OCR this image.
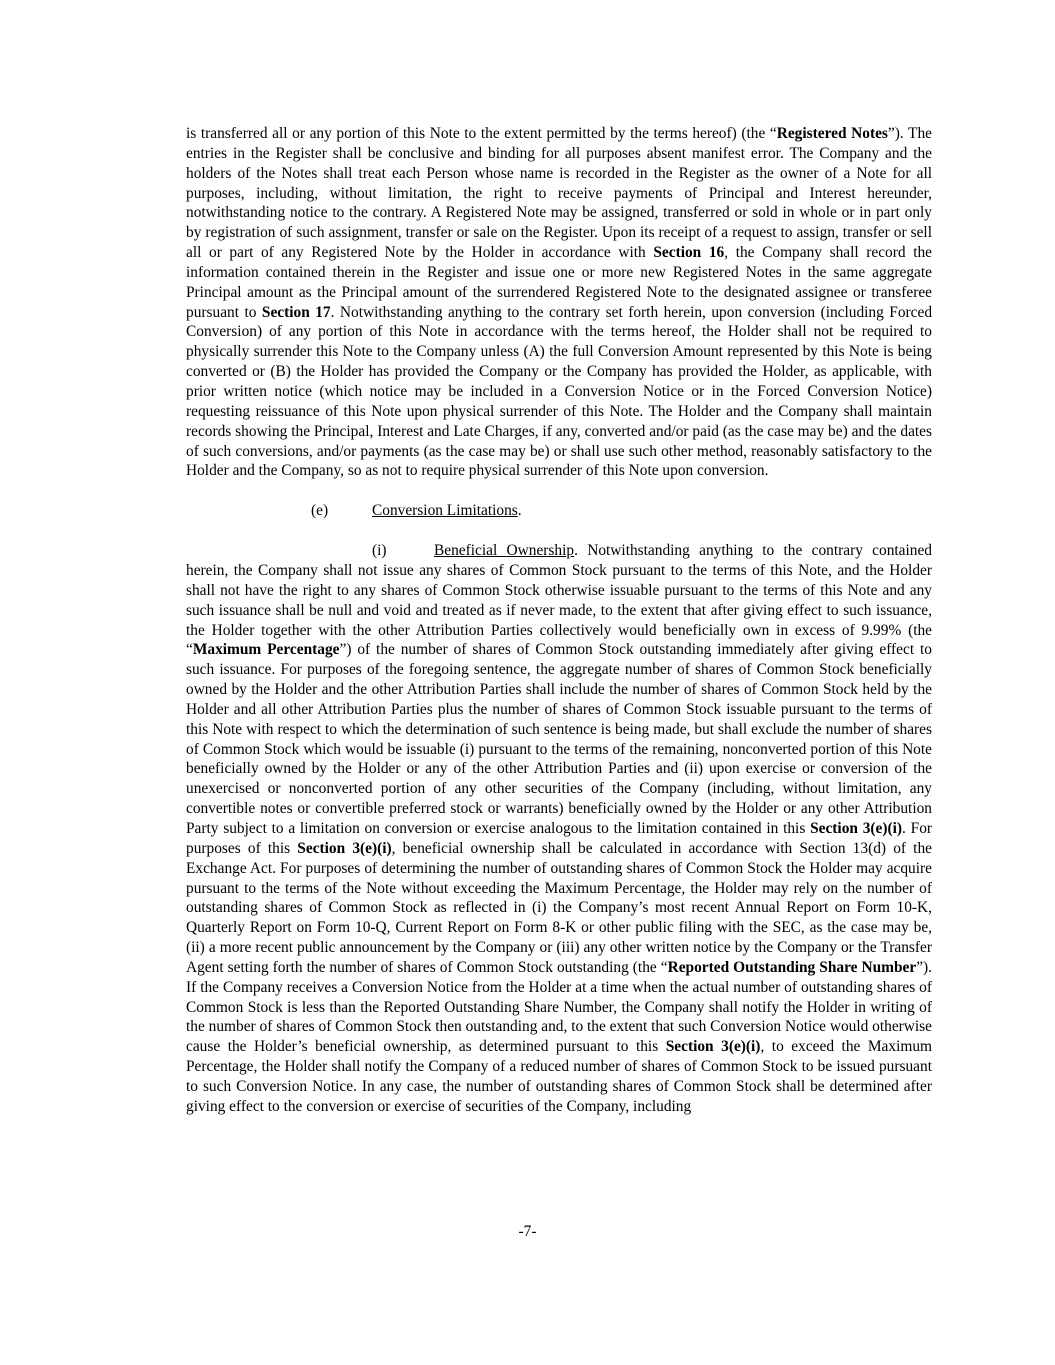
is transferred all or any portion of this Note to the extent permitted by the terms hereof) (the “Registered Notes”). The entries in the Register shall be conclusive and binding for all purposes absent manifest error. The Company and the holders of the Notes shall treat each Person whose name is recorded in the Register as the owner of a Note for all purposes, including, without limitation, the right to receive payments of Principal and Interest hereunder, notwithstanding notice to the contrary. A Registered Note may be assigned, transferred or sold in whole or in part only by registration of such assignment, transfer or sale on the Register. Upon its receipt of a request to assign, transfer or sell all or part of any Registered Note by the Holder in accordance with Section 16, the Company shall record the information contained therein in the Register and issue one or more new Registered Notes in the same aggregate Principal amount as the Principal amount of the surrendered Registered Note to the designated assignee or transferee pursuant to Section 17. Notwithstanding anything to the contrary set forth herein, upon conversion (including Forced Conversion) of any portion of this Note in accordance with the terms hereof, the Holder shall not be required to physically surrender this Note to the Company unless (A) the full Conversion Amount represented by this Note is being converted or (B) the Holder has provided the Company or the Company has provided the Holder, as applicable, with prior written notice (which notice may be included in a Conversion Notice or in the Forced Conversion Notice) requesting reissuance of this Note upon physical surrender of this Note. The Holder and the Company shall maintain records showing the Principal, Interest and Late Charges, if any, converted and/or paid (as the case may be) and the dates of such conversions, and/or payments (as the case may be) or shall use such other method, reasonably satisfactory to the Holder and the Company, so as not to require physical surrender of this Note upon conversion.

(e)	Conversion Limitations.

(i)	Beneficial Ownership. Notwithstanding anything to the contrary contained herein, the Company shall not issue any shares of Common Stock pursuant to the terms of this Note, and the Holder shall not have the right to any shares of Common Stock otherwise issuable pursuant to the terms of this Note and any such issuance shall be null and void and treated as if never made, to the extent that after giving effect to such issuance, the Holder together with the other Attribution Parties collectively would beneficially own in excess of 9.99% (the “Maximum Percentage”) of the number of shares of Common Stock outstanding immediately after giving effect to such issuance. For purposes of the foregoing sentence, the aggregate number of shares of Common Stock beneficially owned by the Holder and the other Attribution Parties shall include the number of shares of Common Stock held by the Holder and all other Attribution Parties plus the number of shares of Common Stock issuable pursuant to the terms of this Note with respect to which the determination of such sentence is being made, but shall exclude the number of shares of Common Stock which would be issuable (i) pursuant to the terms of the remaining, nonconverted portion of this Note beneficially owned by the Holder or any of the other Attribution Parties and (ii) upon exercise or conversion of the unexercised or nonconverted portion of any other securities of the Company (including, without limitation, any convertible notes or convertible preferred stock or warrants) beneficially owned by the Holder or any other Attribution Party subject to a limitation on conversion or exercise analogous to the limitation contained in this Section 3(e)(i). For purposes of this Section 3(e)(i), beneficial ownership shall be calculated in accordance with Section 13(d) of the Exchange Act. For purposes of determining the number of outstanding shares of Common Stock the Holder may acquire pursuant to the terms of the Note without exceeding the Maximum Percentage, the Holder may rely on the number of outstanding shares of Common Stock as reflected in (i) the Company’s most recent Annual Report on Form 10-K, Quarterly Report on Form 10-Q, Current Report on Form 8-K or other public filing with the SEC, as the case may be, (ii) a more recent public announcement by the Company or (iii) any other written notice by the Company or the Transfer Agent setting forth the number of shares of Common Stock outstanding (the “Reported Outstanding Share Number”). If the Company receives a Conversion Notice from the Holder at a time when the actual number of outstanding shares of Common Stock is less than the Reported Outstanding Share Number, the Company shall notify the Holder in writing of the number of shares of Common Stock then outstanding and, to the extent that such Conversion Notice would otherwise cause the Holder’s beneficial ownership, as determined pursuant to this Section 3(e)(i), to exceed the Maximum Percentage, the Holder shall notify the Company of a reduced number of shares of Common Stock to be issued pursuant to such Conversion Notice. In any case, the number of outstanding shares of Common Stock shall be determined after giving effect to the conversion or exercise of securities of the Company, including

-7-
